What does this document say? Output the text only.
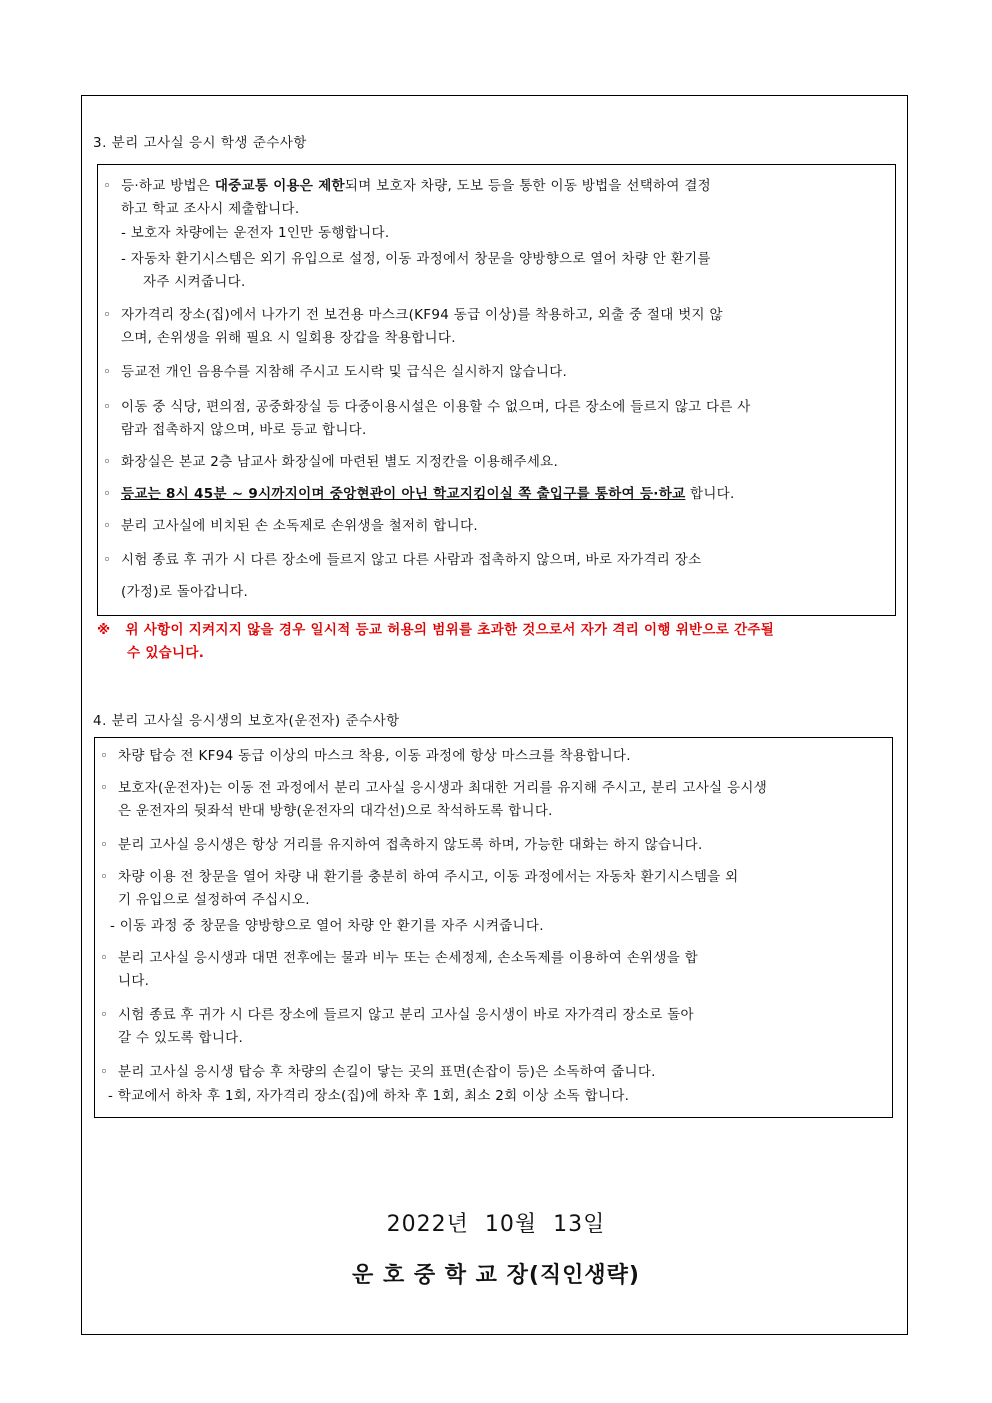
3. 분리 고사실 응시 학생 준수사항
◦ 등·하교 방법은 대중교통 이용은 제한되며 보호자 차량, 도보 등을 통한 이동 방법을 선택하여 결정
하고 학교 조사시 제출합니다.
- 보호자 차량에는 운전자 1인만 동행합니다.
- 자동차 환기시스템은 외기 유입으로 설정, 이동 과정에서 창문을 양방향으로 열어 차량 안 환기를
자주 시켜줍니다.
◦ 자가격리 장소(집)에서 나가기 전 보건용 마스크(KF94 동급 이상)를 착용하고, 외출 중 절대 벗지 않
으며, 손위생을 위해 필요 시 일회용 장갑을 착용합니다.
◦ 등교전 개인 음용수를 지참해 주시고 도시락 및 급식은 실시하지 않습니다.
◦ 이동 중 식당, 편의점, 공중화장실 등 다중이용시설은 이용할 수 없으며, 다른 장소에 들르지 않고 다른 사
람과 접촉하지 않으며, 바로 등교 합니다.
◦ 화장실은 본교 2층 남교사 화장실에 마련된 별도 지정칸을 이용해주세요.
◦ 등교는 8시 45분 ~ 9시까지이며 중앙현관이 아닌 학교지킴이실 쪽 출입구를 통하여 등·하교 합니다.
◦ 분리 고사실에 비치된 손 소독제로 손위생을 철저히 합니다.
◦ 시험 종료 후 귀가 시 다른 장소에 들르지 않고 다른 사람과 접촉하지 않으며, 바로 자가격리 장소
(가정)로 돌아갑니다.
※ 위 사항이 지켜지지 않을 경우 일시적 등교 허용의 범위를 초과한 것으로서 자가 격리 이행 위반으로 간주될
수 있습니다.
4. 분리 고사실 응시생의 보호자(운전자) 준수사항
◦ 차량 탑승 전 KF94 동급 이상의 마스크 착용, 이동 과정에 항상 마스크를 착용합니다.
◦ 보호자(운전자)는 이동 전 과정에서 분리 고사실 응시생과 최대한 거리를 유지해 주시고, 분리 고사실 응시생
은 운전자의 뒷좌석 반대 방향(운전자의 대각선)으로 착석하도록 합니다.
◦ 분리 고사실 응시생은 항상 거리를 유지하여 접촉하지 않도록 하며, 가능한 대화는 하지 않습니다.
◦ 차량 이용 전 창문을 열어 차량 내 환기를 충분히 하여 주시고, 이동 과정에서는 자동차 환기시스템을 외
기 유입으로 설정하여 주십시오.
- 이동 과정 중 창문을 양방향으로 열어 차량 안 환기를 자주 시켜줍니다.
◦ 분리 고사실 응시생과 대면 전후에는 물과 비누 또는 손세정제, 손소독제를 이용하여 손위생을 합
니다.
◦ 시험 종료 후 귀가 시 다른 장소에 들르지 않고 분리 고사실 응시생이 바로 자가격리 장소로 돌아
갈 수 있도록 합니다.
◦ 분리 고사실 응시생 탑승 후 차량의 손길이 닿는 곳의 표면(손잡이 등)은 소독하여 줍니다.
- 학교에서 하차 후 1회, 자가격리 장소(집)에 하차 후 1회, 최소 2회 이상 소독 합니다.
2022년  10월  13일
운 호 중 학 교 장(직인생략)
